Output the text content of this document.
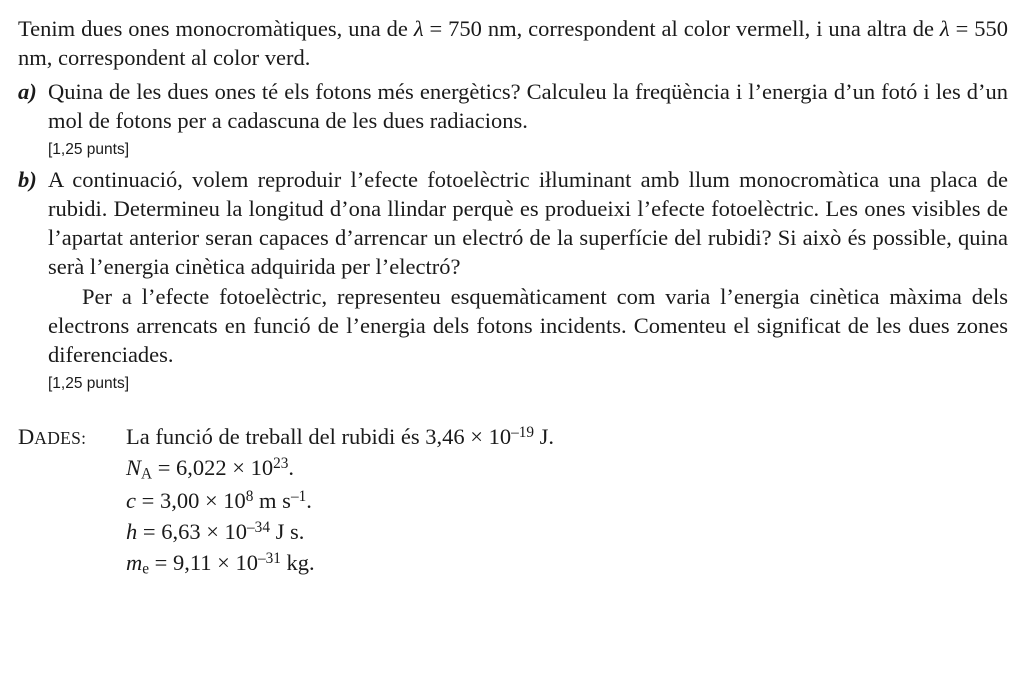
Tenim dues ones monocromàtiques, una de λ = 750 nm, correspondent al color vermell, i una altra de λ = 550 nm, correspondent al color verd.

a) Quina de les dues ones té els fotons més energètics? Calculeu la freqüència i l’energia d’un fotó i les d’un mol de fotons per a cadascuna de les dues radiacions.

[1,25 punts]
b) A continuació, volem reproduir l’efecte fotoelèctric iłluminant amb llum monocromàtica una placa de rubidi. Determineu la longitud d’ona llindar perquè es produeixi l’efecte fotoelèctric. Les ones visibles de l’apartat anterior seran capaces d’arrencar un electró de la superfície del rubidi? Si això és possible, quina serà l’energia cinètica adquirida per l’electró?

Per a l’efecte fotoelèctric, representeu esquemàticament com varia l’energia cinètica màxima dels electrons arrencats en funció de l’energia dels fotons incidents. Comenteu el significat de les dues zones diferenciades.

[1,25 punts]
DADES:	La funció de treball del rubidi és $3,46 \times 10^{-19}$ J.
$N_A = 6,022 \times 10^{23}$.
$c = 3,00 \times 10^8$ m $s^{-1}$.
$h = 6,63 \times 10^{-34}$ J s.
$m_e = 9,11 \times 10^{-31}$ kg.
